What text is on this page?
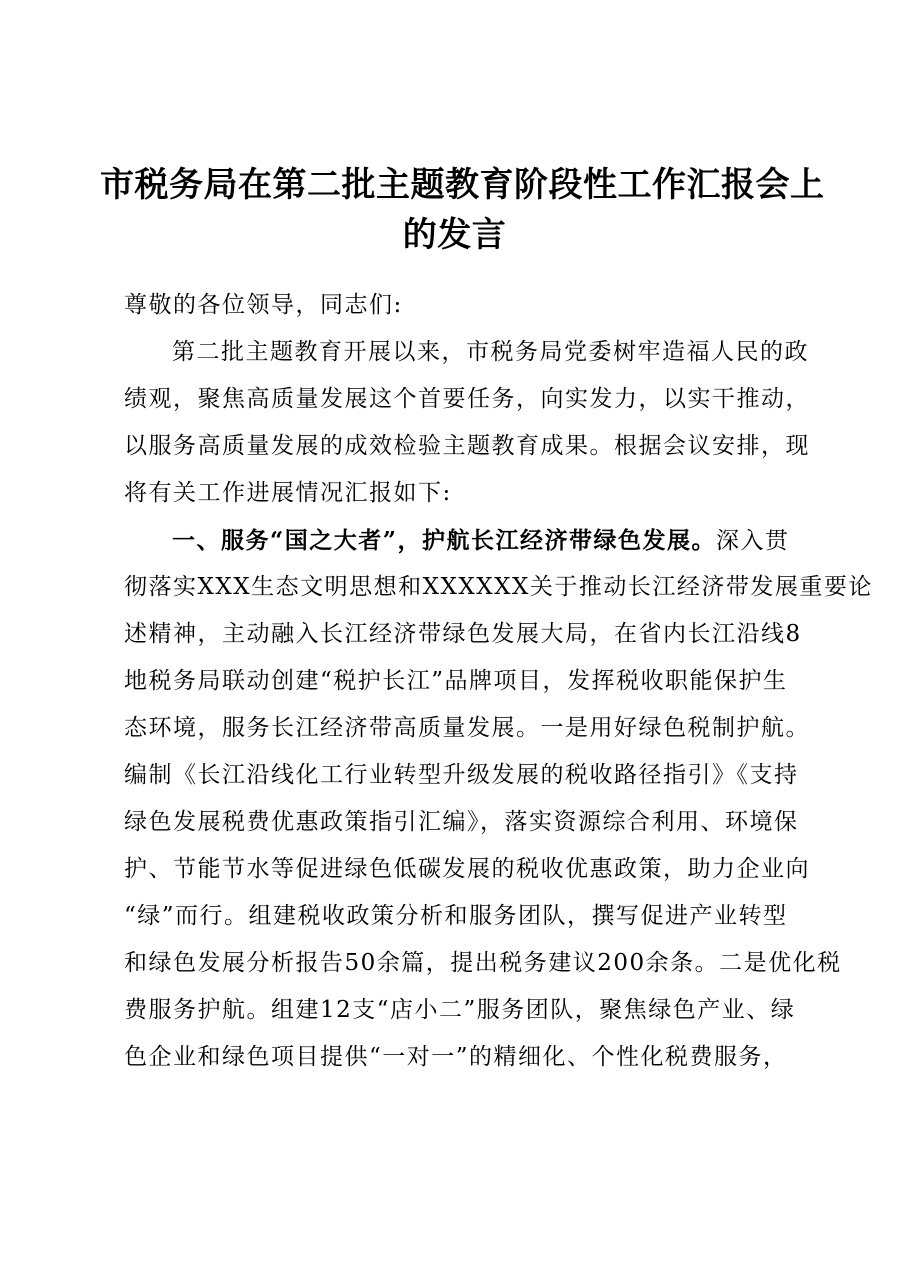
市税务局在第二批主题教育阶段性工作汇报会上
的发言
尊敬的各位领导，同志们:
第二批主题教育开展以来，市税务局党委树牢造福人民的政
绩观，聚焦高质量发展这个首要任务，向实发力，以实干推动，
以服务高质量发展的成效检验主题教育成果。根据会议安排，现
将有关工作进展情况汇报如下:
一、服务“国之大者”，护航长江经济带绿色发展。深入贯
彻落实XXX生态文明思想和XXXXXX关于推动长江经济带发展重要论
述精神，主动融入长江经济带绿色发展大局，在省内长江沿线8
地税务局联动创建“税护长江”品牌项目，发挥税收职能保护生
态环境，服务长江经济带高质量发展。一是用好绿色税制护航。
编制《长江沿线化工行业转型升级发展的税收路径指引》《支持
绿色发展税费优惠政策指引汇编》，落实资源综合利用、环境保
护、节能节水等促进绿色低碳发展的税收优惠政策，助力企业向
“绿”而行。组建税收政策分析和服务团队，撰写促进产业转型
和绿色发展分析报告50余篇，提出税务建议200余条。二是优化税
费服务护航。组建12支“店小二”服务团队，聚焦绿色产业、绿
色企业和绿色项目提供“一对一”的精细化、个性化税费服务，
